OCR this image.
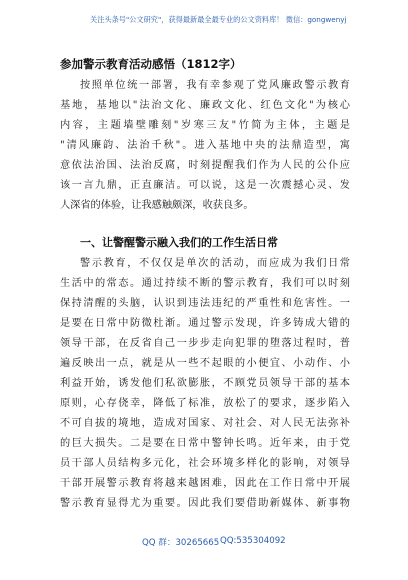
关注头条号"公文研究"，获得最新最全最专业的公文资料库！ 微信：gongwenyj
参加警示教育活动感悟（1812字）
按照单位统一部署，我有幸参观了党风廉政警示教育
基地，基地以"法治文化、廉政文化、红色文化"为核心
内容，主题墙壁雕刻"岁寒三友"竹简为主体，主题是
"清风廉韵、法治千秋"。进入基地中央的法鼎造型，寓
意依法治国、法治反腐，时刻提醒我们作为人民的公仆应
该一言九鼎，正直廉洁。可以说，这是一次震撼心灵、发
人深省的体验，让我感触颇深，收获良多。
一、让警醒警示融入我们的工作生活日常
警示教育，不仅仅是单次的活动，而应成为我们日常
生活中的常态。通过持续不断的警示教育，我们可以时刻
保持清醒的头脑，认识到违法违纪的严重性和危害性。一
是要在日常中防微杜渐。通过警示发现，许多铸成大错的
领导干部，在反省自己一步步走向犯罪的堕落过程时，普
遍反映出一点，就是从一些不起眼的小便宜、小动作、小
利益开始，诱发他们私欲膨胀，不顾党员领导干部的基本
原则，心存侥幸，降低了标准，放松了的要求，逐步陷入
不可自拔的境地，造成对国家、对社会、对人民无法弥补
的巨大损失。二是要在日常中警钟长鸣。近年来，由于党
员干部人员结构多元化，社会环境多样化的影响，对领导
干部开展警示教育将越来越困难，因此在工作日常中开展
警示教育显得尤为重要。因此我们要借助新媒体、新事物
QQ 群：30265665 QQ:535304092
